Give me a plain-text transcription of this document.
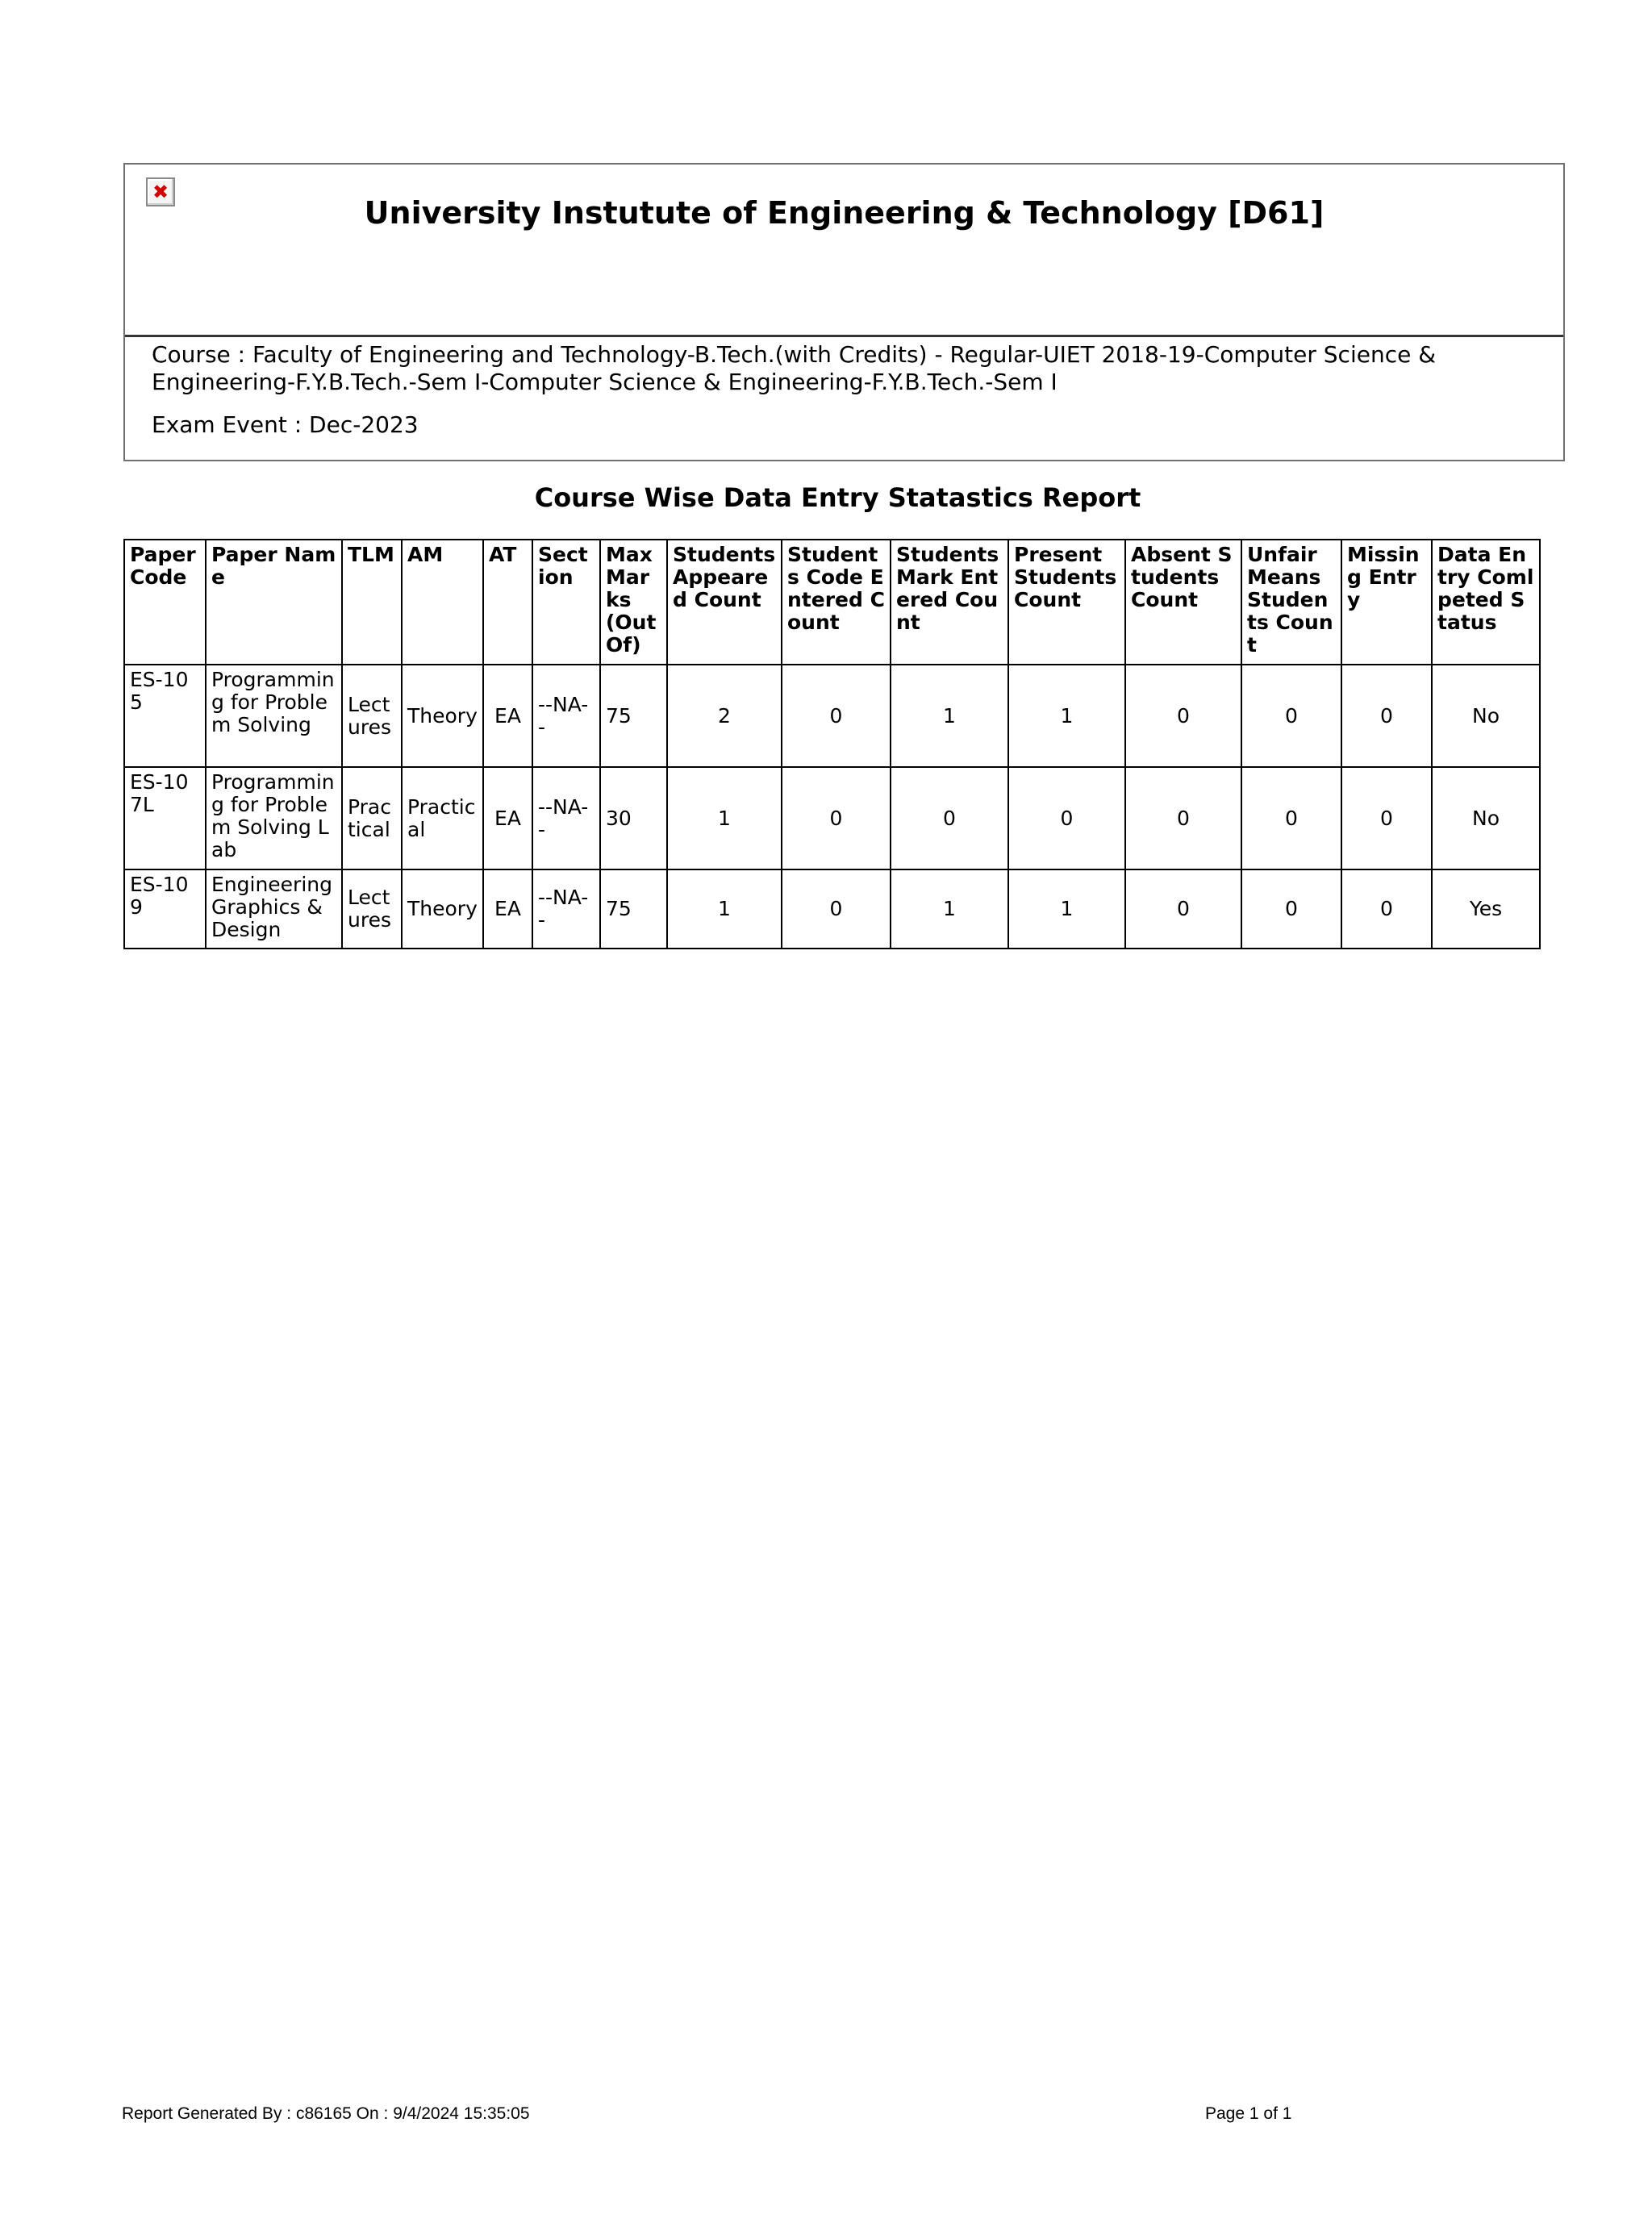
✖
University Instutute of Engineering & Technology [D61]
Course : Faculty of Engineering and Technology-B.Tech.(with Credits) - Regular-UIET 2018-19-Computer Science & Engineering-F.Y.B.Tech.-Sem I-Computer Science & Engineering-F.Y.B.Tech.-Sem I
Exam Event : Dec-2023
Course Wise Data Entry Statastics Report
Paper Code	Paper Name	TLM	AM	AT	Section	Max Marks (Out Of)	Students Appeared Count	Students Code Entered Count	Students Mark Entered Count	Present Students Count	Absent Students Count	Unfair Means Students Count	Missing Entry	Data Entry Comlpeted Status
ES-105	Programming for Problem Solving	Lectures	Theory	EA	--NA--	75	2	0	1	1	0	0	0	No
ES-107L	Programming for Problem Solving Lab	Practical	Practical	EA	--NA--	30	1	0	0	0	0	0	0	No
ES-109	Engineering Graphics & Design	Lectures	Theory	EA	--NA--	75	1	0	1	1	0	0	0	Yes
Report Generated By : c86165 On : 9/4/2024 15:35:05	Page 1 of 1
